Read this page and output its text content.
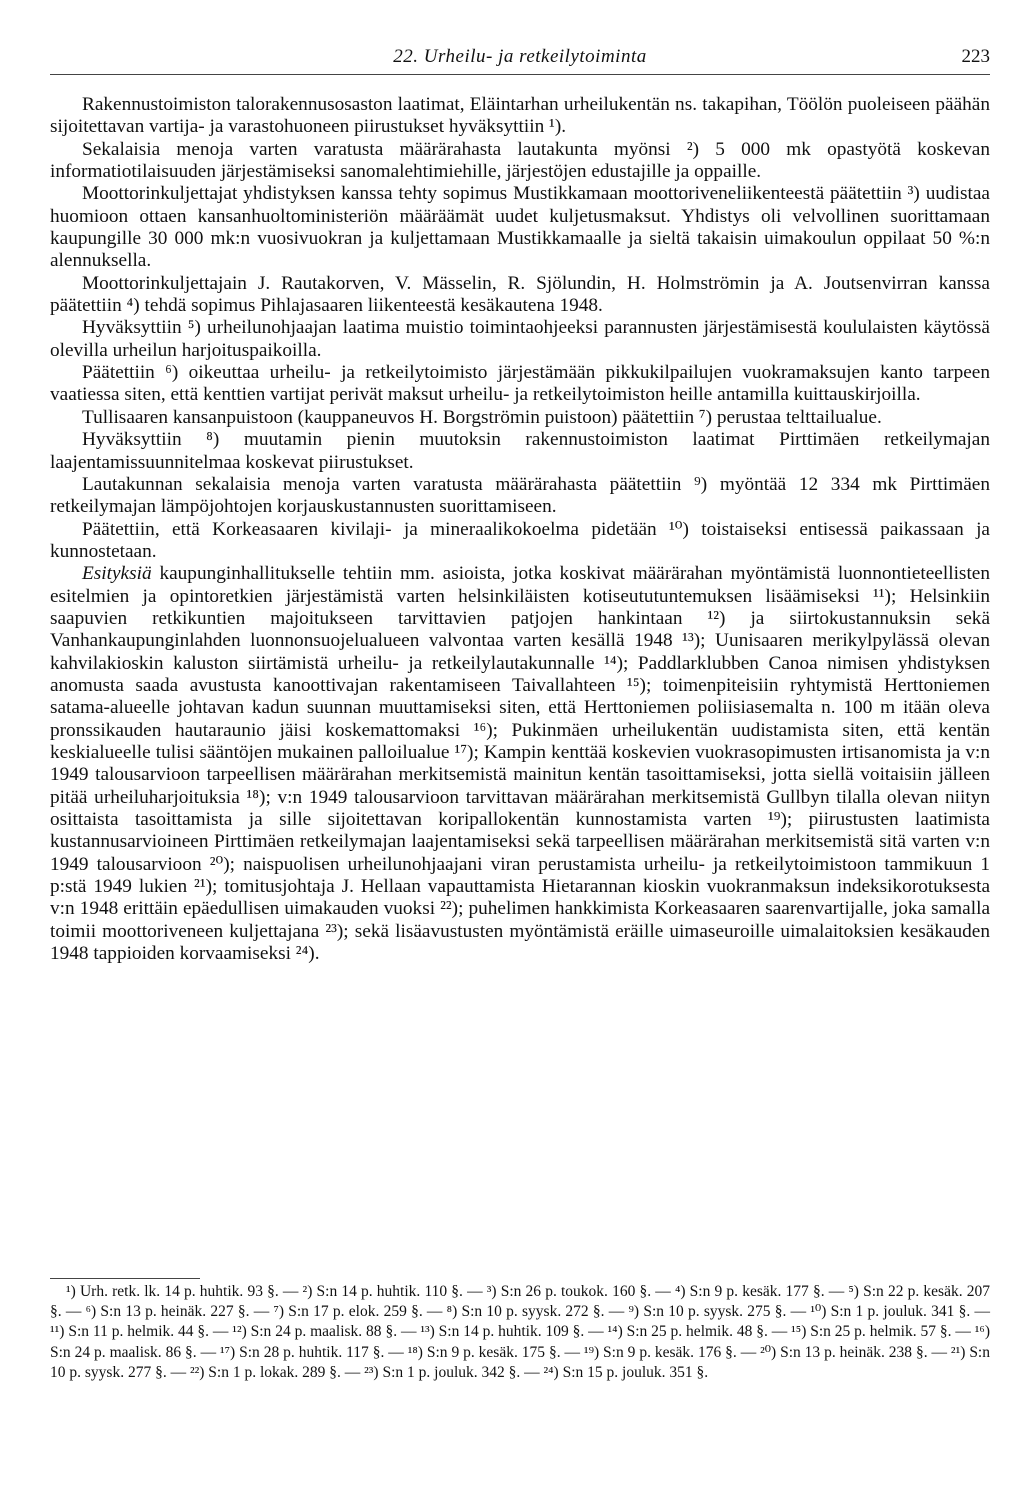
22. Urheilu- ja retkeilytoiminta	223

Rakennustoimiston talorakennusosaston laatimat, Eläintarhan urheilukentän ns. takapihan, Töölön puoleiseen päähän sijoitettavan vartija- ja varastohuoneen piirustukset hyväksyttiin ¹).

Sekalaisia menoja varten varatusta määrärahasta lautakunta myönsi ²) 5 000 mk opastyötä koskevan informatiotilaisuuden järjestämiseksi sanomalehtimiehille, järjestöjen edustajille ja oppaille.

Moottorinkuljettajat yhdistyksen kanssa tehty sopimus Mustikkamaan moottoriveneliikenteestä päätettiin ³) uudistaa huomioon ottaen kansanhuoltoministeriön määräämät uudet kuljetusmaksut. Yhdistys oli velvollinen suorittamaan kaupungille 30 000 mk:n vuosivuokran ja kuljettamaan Mustikkamaalle ja sieltä takaisin uimakoulun oppilaat 50 %:n alennuksella.

Moottorinkuljettajain J. Rautakorven, V. Mässelin, R. Sjölundin, H. Holmströmin ja A. Joutsenvirran kanssa päätettiin ⁴) tehdä sopimus Pihlajasaaren liikenteestä kesäkautena 1948.

Hyväksyttiin ⁵) urheilunohjaajan laatima muistio toimintaohjeeksi parannusten järjestämisestä koululaisten käytössä olevilla urheilun harjoituspaikoilla.

Päätettiin ⁶) oikeuttaa urheilu- ja retkeilytoimisto järjestämään pikkukilpailujen vuokramaksujen kanto tarpeen vaatiessa siten, että kenttien vartijat perivät maksut urheilu- ja retkeilytoimiston heille antamilla kuittauskirjoilla.

Tullisaaren kansanpuistoon (kauppaneuvos H. Borgströmin puistoon) päätettiin ⁷) perustaa telttailualue.

Hyväksyttiin ⁸) muutamin pienin muutoksin rakennustoimiston laatimat Pirttimäen retkeilymajan laajentamissuunnitelmaa koskevat piirustukset.

Lautakunnan sekalaisia menoja varten varatusta määrärahasta päätettiin ⁹) myöntää 12 334 mk Pirttimäen retkeilymajan lämpöjohtojen korjauskustannusten suorittamiseen.

Päätettiin, että Korkeasaaren kivilaji- ja mineraalikokoelma pidetään ¹⁰) toistaiseksi entisessä paikassaan ja kunnostetaan.

Esityksiä kaupunginhallitukselle tehtiin mm. asioista, jotka koskivat määrärahan myöntämistä luonnontieteellisten esitelmien ja opintoretkien järjestämistä varten helsinkiläisten kotiseututuntemuksen lisäämiseksi ¹¹); Helsinkiin saapuvien retkikuntien majoitukseen tarvittavien patjojen hankintaan ¹²) ja siirtokustannuksin sekä Vanhankaupunginlahden luonnonsuojelualueen valvontaa varten kesällä 1948 ¹³); Uunisaaren merikylpylässä olevan kahvilakioskin kaluston siirtämistä urheilu- ja retkeilylautakunnalle ¹⁴); Paddlarklubben Canoa nimisen yhdistyksen anomusta saada avustusta kanoottivajan rakentamiseen Taivallahteen ¹⁵); toimenpiteisiin ryhtymistä Herttoniemen satama-alueelle johtavan kadun suunnan muuttamiseksi siten, että Herttoniemen poliisiasemalta n. 100 m itään oleva pronssikauden hautaraunio jäisi koskemattomaksi ¹⁶); Pukinmäen urheilukentän uudistamista siten, että kentän keskialueelle tulisi sääntöjen mukainen palloilualue ¹⁷); Kampin kenttää koskevien vuokrasopimusten irtisanomista ja v:n 1949 talousarvioon tarpeellisen määrärahan merkitsemistä mainitun kentän tasoittamiseksi, jotta siellä voitaisiin jälleen pitää urheiluharjoituksia ¹⁸); v:n 1949 talousarvioon tarvittavan määrärahan merkitsemistä Gullbyn tilalla olevan niityn osittaista tasoittamista ja sille sijoitettavan koripallokentän kunnostamista varten ¹⁹); piirustusten laatimista kustannusarvioineen Pirttimäen retkeilymajan laajentamiseksi sekä tarpeellisen määrärahan merkitsemistä sitä varten v:n 1949 talousarvioon ²⁰); naispuolisen urheilunohjaajani viran perustamista urheilu- ja retkeilytoimistoon tammikuun 1 p:stä 1949 lukien ²¹); tomitusjohtaja J. Hellaan vapauttamista Hietarannan kioskin vuokranmaksun indeksikorotuksesta v:n 1948 erittäin epäedullisen uimakauden vuoksi ²²); puhelimen hankkimista Korkeasaaren saarenvartijalle, joka samalla toimii moottoriveneen kuljettajana ²³); sekä lisäavustusten myöntämistä eräille uimaseuroille uimalaitoksien kesäkauden 1948 tappioiden korvaamiseksi ²⁴).

¹) Urh. retk. lk. 14 p. huhtik. 93 §. — ²) S:n 14 p. huhtik. 110 §. — ³) S:n 26 p. toukok. 160 §. — ⁴) S:n 9 p. kesäk. 177 §. — ⁵) S:n 22 p. kesäk. 207 §. — ⁶) S:n 13 p. heinäk. 227 §. — ⁷) S:n 17 p. elok. 259 §. — ⁸) S:n 10 p. syysk. 272 §. — ⁹) S:n 10 p. syysk. 275 §. — ¹⁰) S:n 1 p. jouluk. 341 §. — ¹¹) S:n 11 p. helmik. 44 §. — ¹²) S:n 24 p. maalisk. 88 §. — ¹³) S:n 14 p. huhtik. 109 §. — ¹⁴) S:n 25 p. helmik. 48 §. — ¹⁵) S:n 25 p. helmik. 57 §. — ¹⁶) S:n 24 p. maalisk. 86 §. — ¹⁷) S:n 28 p. huhtik. 117 §. — ¹⁸) S:n 9 p. kesäk. 175 §. — ¹⁹) S:n 9 p. kesäk. 176 §. — ²⁰) S:n 13 p. heinäk. 238 §. — ²¹) S:n 10 p. syysk. 277 §. — ²²) S:n 1 p. lokak. 289 §. — ²³) S:n 1 p. jouluk. 342 §. — ²⁴) S:n 15 p. jouluk. 351 §.
